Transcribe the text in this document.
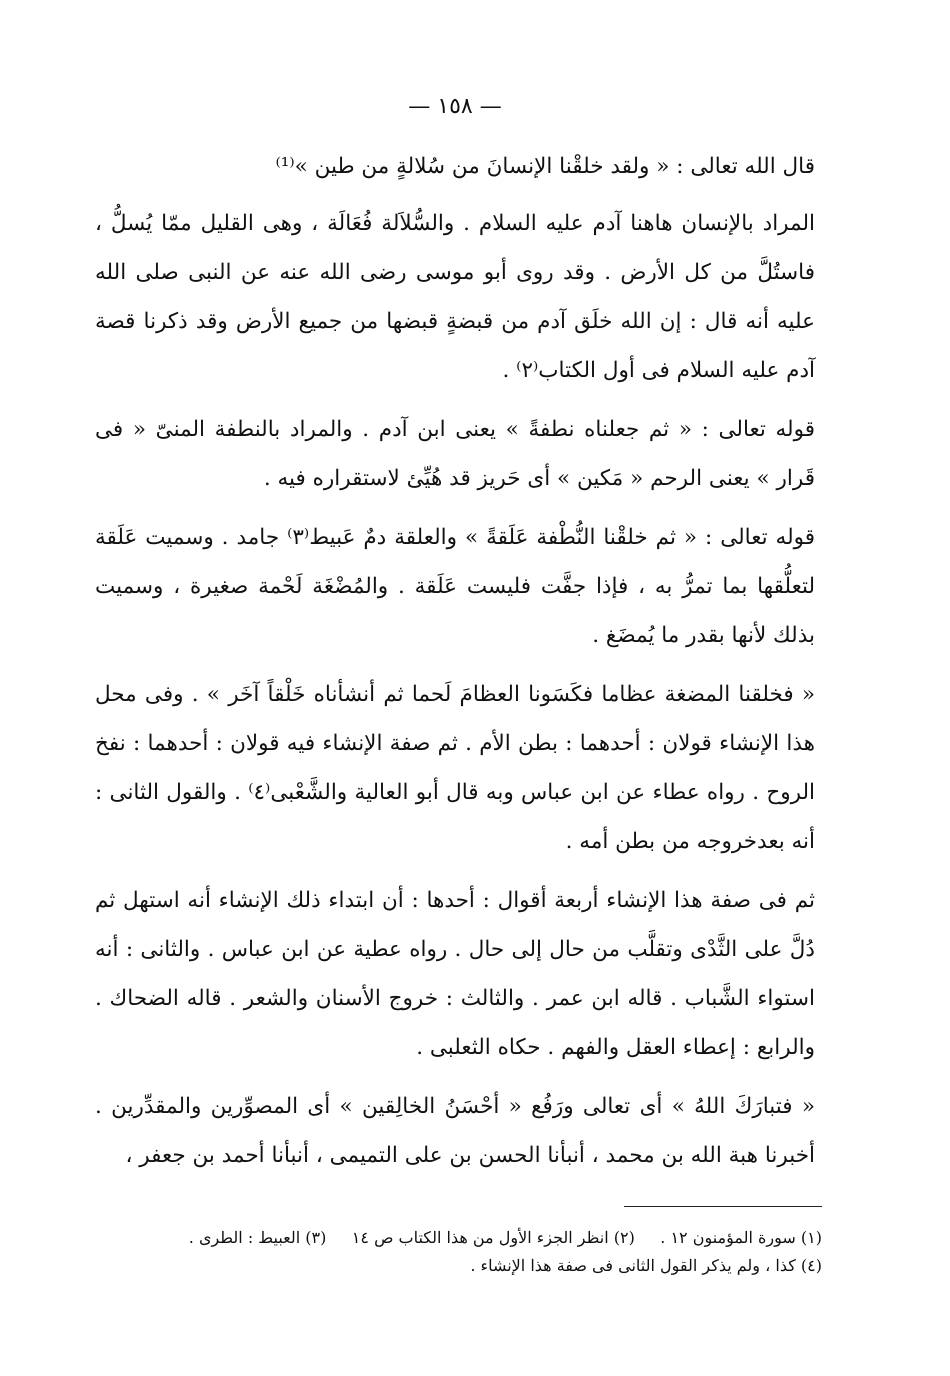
— ١٥٨ —

قال الله تعالى : « ولقد خلقْنا الإنسانَ من سُلالةٍ من طين »⁽¹⁾

المراد بالإنسان هاهنا آدم عليه السلام . والسُّلاَلة فُعَالَة ، وهى القليل ممّا يُسلُّ ، فاستُلَّ من كل الأرض . وقد روى أبو موسى رضى الله عنه عن النبى صلى الله عليه أنه قال : إن الله خلَق آدم من قبضةٍ قبضها من جميع الأرض وقد ذكرنا قصة آدم عليه السلام فى أول الكتاب⁽٢⁾ .

قوله تعالى : « ثم جعلناه نطفةً » يعنى ابن آدم . والمراد بالنطفة المنىّ « فى قَرار » يعنى الرحم « مَكين » أى حَريز قد هُيِّئ لاستقراره فيه .

قوله تعالى : « ثم خلقْنا النُّطْفة عَلَقةً » والعلقة دمٌ عَبيط⁽٣⁾ جامد . وسميت عَلَقة لتعلُّقها بما تمرُّ به ، فإذا جفَّت فليست عَلَقة . والمُضْغَة لَحْمة صغيرة ، وسميت بذلك لأنها بقدر ما يُمضَغ .

« فخلقنا المضغة عظاما فكَسَونا العظامَ لَحما ثم أنشأناه خَلْقاً آخَر » . وفى محل هذا الإنشاء قولان : أحدهما : بطن الأم . ثم صفة الإنشاء فيه قولان : أحدهما : نفخ الروح . رواه عطاء عن ابن عباس وبه قال أبو العالية والشَّعْبى⁽٤⁾ . والقول الثانى : أنه بعدخروجه من بطن أمه .

ثم فى صفة هذا الإنشاء أربعة أقوال : أحدها : أن ابتداء ذلك الإنشاء أنه استهل ثم دُلَّ على الثَّدْى وتقلَّب من حال إلى حال . رواه عطية عن ابن عباس . والثانى : أنه استواء الشَّباب . قاله ابن عمر . والثالث : خروج الأسنان والشعر . قاله الضحاك . والرابع : إعطاء العقل والفهم . حكاه الثعلبى .

« فتبارَكَ اللهُ » أى تعالى ورَفُع « أحْسَنُ الخالِقين » أى المصوِّرين والمقدِّرين . أخبرنا هبة الله بن محمد ، أنبأنا الحسن بن على التميمى ، أنبأنا أحمد بن جعفر ،

(١) سورة المؤمنون ١٢ .     (٢) انظر الجزء الأول من هذا الكتاب ص ١٤     (٣) العبيط : الطرى .
(٤) كذا ، ولم يذكر القول الثانى فى صفة هذا الإنشاء .
